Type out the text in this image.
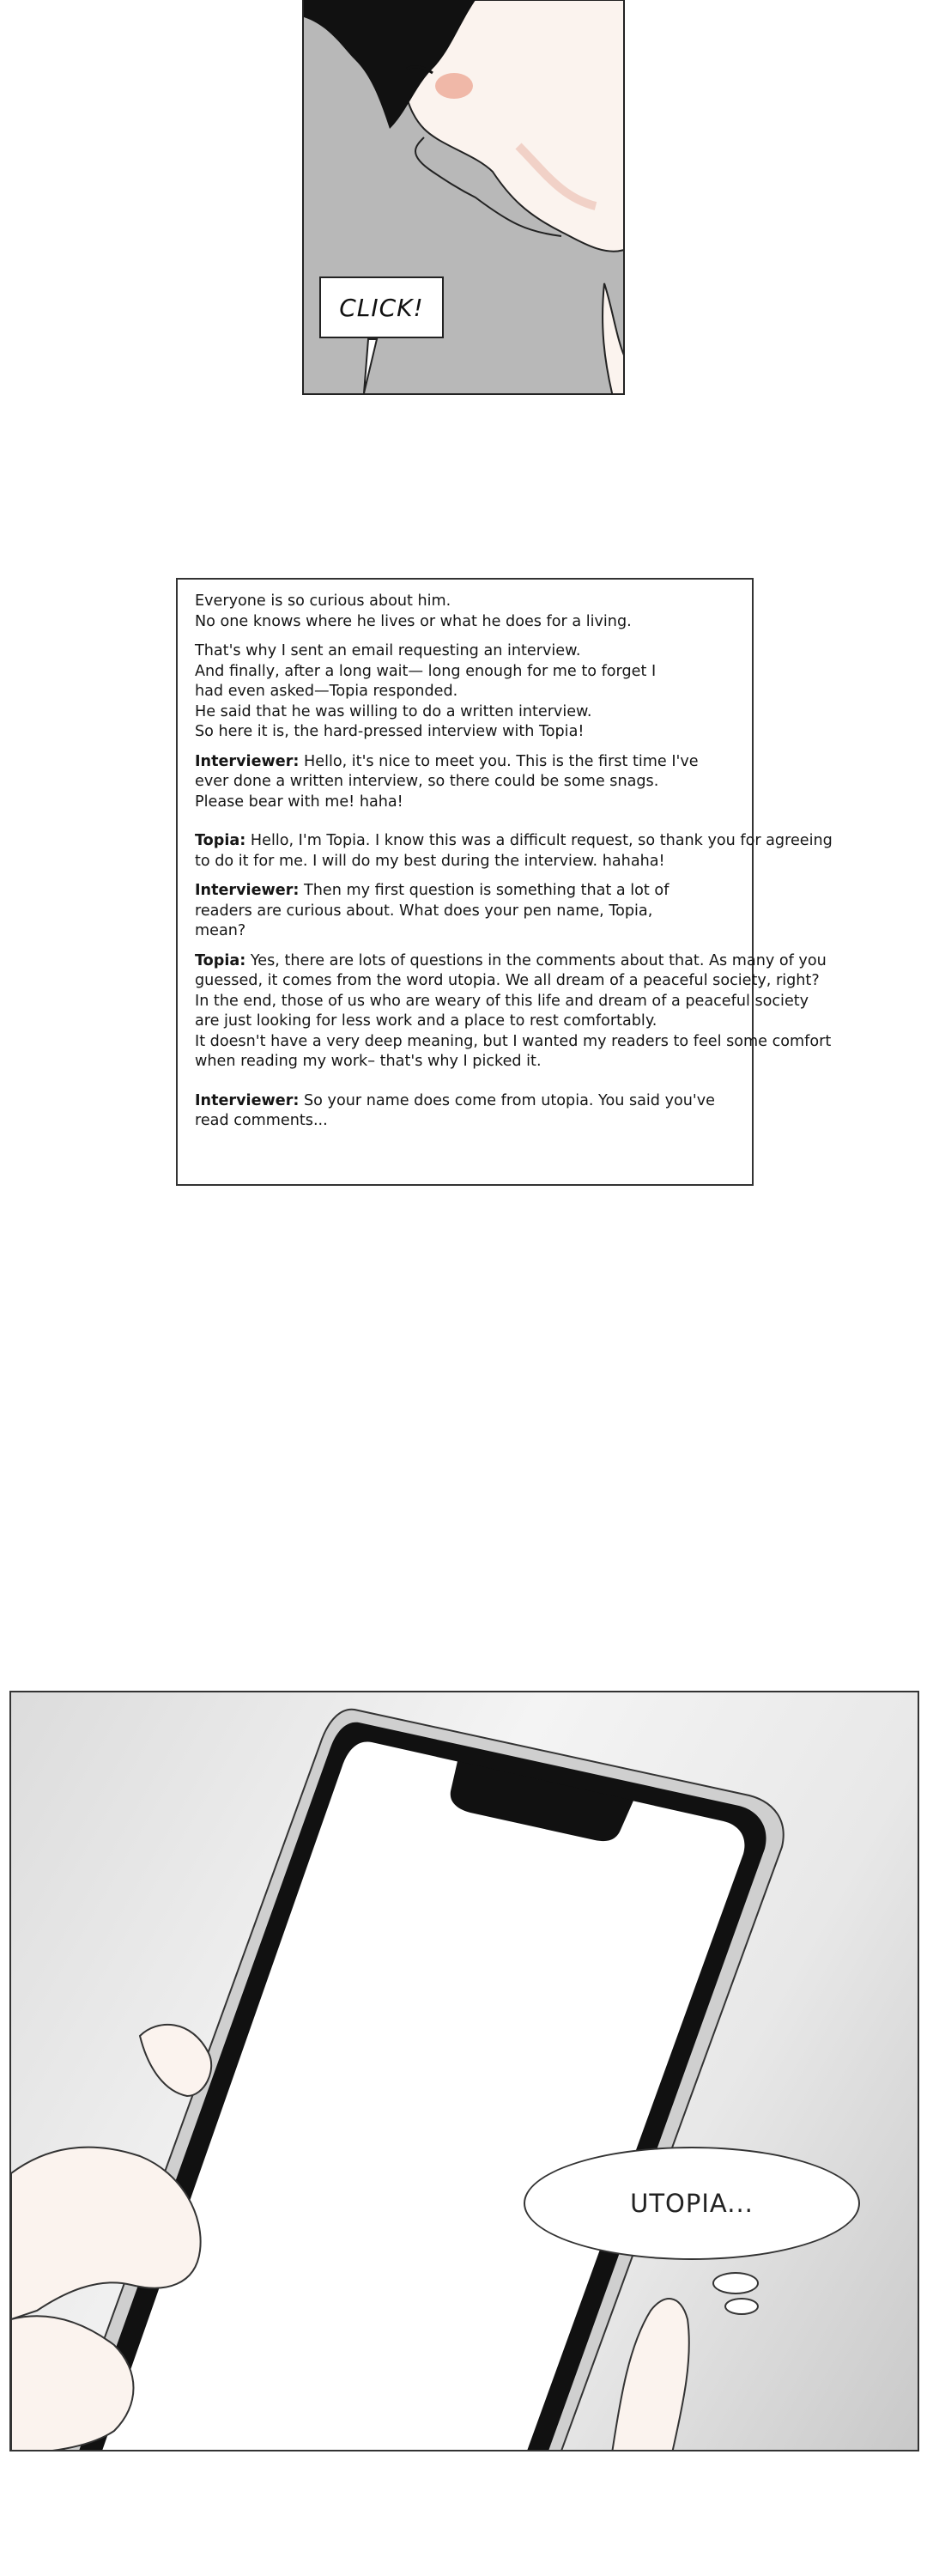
CLICK!

Everyone is so curious about him.
No one knows where he lives or what he does for a living.

That's why I sent an email requesting an interview.
And finally, after a long wait— long enough for me to forget I
had even asked—Topia responded.
He said that he was willing to do a written interview.
So here it is, the hard-pressed interview with Topia!

Interviewer: Hello, it's nice to meet you. This is the first time I've
ever done a written interview, so there could be some snags.
Please bear with me! haha!

Topia: Hello, I'm Topia. I know this was a difficult request, so thank you for agreeing
to do it for me. I will do my best during the interview. hahaha!

Interviewer: Then my first question is something that a lot of
readers are curious about. What does your pen name, Topia,
mean?

Topia: Yes, there are lots of questions in the comments about that. As many of you
guessed, it comes from the word utopia. We all dream of a peaceful society, right?
In the end, those of us who are weary of this life and dream of a peaceful society
are just looking for less work and a place to rest comfortably.
It doesn't have a very deep meaning, but I wanted my readers to feel some comfort
when reading my work– that's why I picked it.

Interviewer: So your name does come from utopia. You said you've
read comments...

UTOPIA...
